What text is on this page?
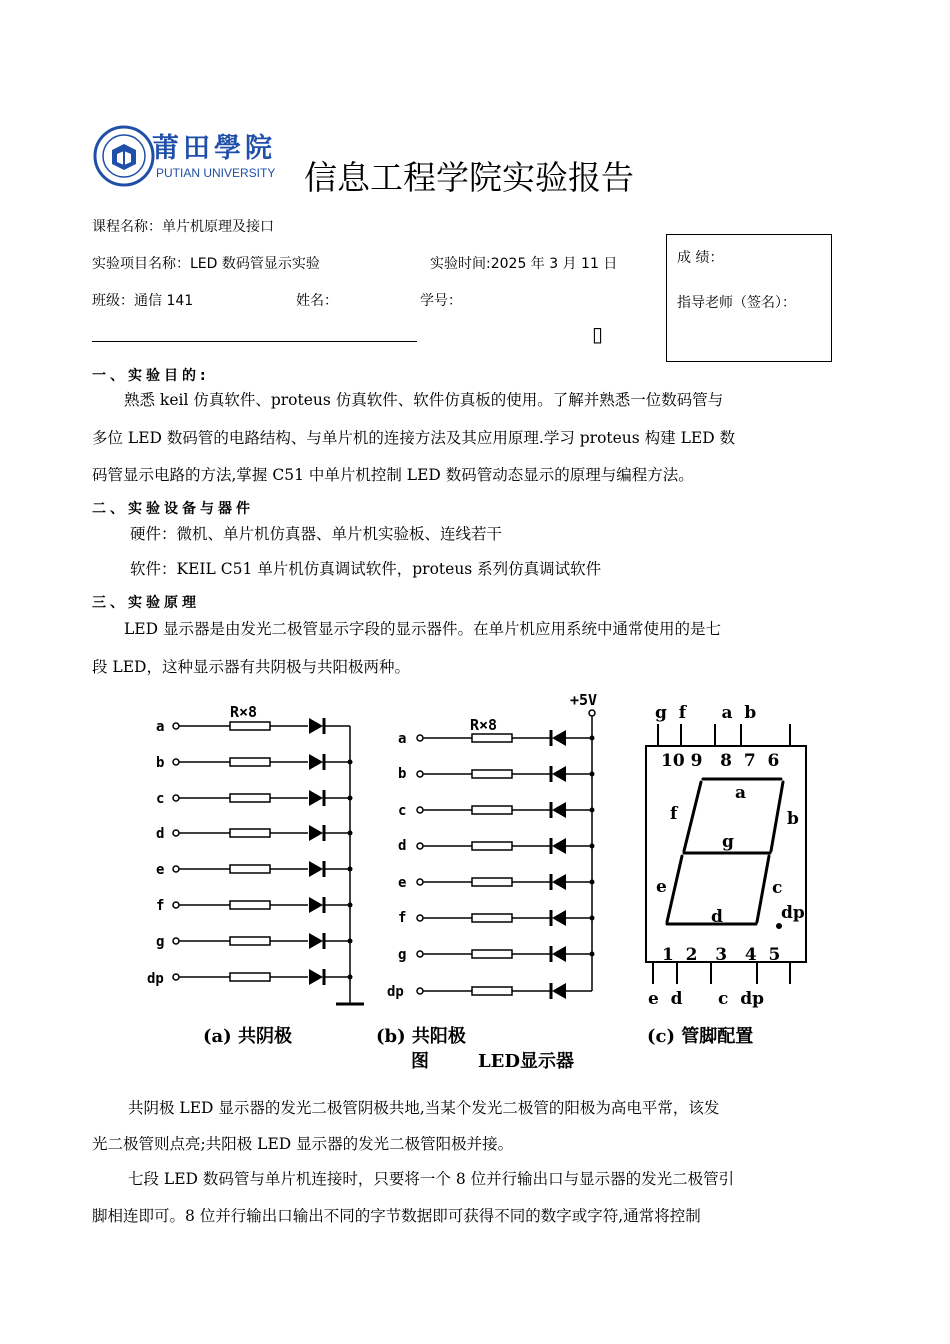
莆田學院
PUTIAN UNIVERSITY 信息工程学院实验报告
课程名称：单片机原理及接口
实验项目名称：LED 数码管显示实验	实验时间:2025 年 3 月 11 日
班级：通信 141	姓名：	学号：
▯
成 绩：
指导老师（签名）：
一、实验目的:
熟悉 keil 仿真软件、proteus 仿真软件、软件仿真板的使用。了解并熟悉一位数码管与
多位 LED 数码管的电路结构、与单片机的连接方法及其应用原理.学习 proteus 构建 LED 数
码管显示电路的方法,掌握 C51 中单片机控制 LED 数码管动态显示的原理与编程方法。
二、实验设备与器件
硬件：微机、单片机仿真器、单片机实验板、连线若干
软件：KEIL C51 单片机仿真调试软件，proteus 系列仿真调试软件
三、实验原理
LED 显示器是由发光二极管显示字段的显示器件。在单片机应用系统中通常使用的是七
段 LED，这种显示器有共阴极与共阳极两种。
R×8
a
b
c
d
e
f
g
dp
+5V
R×8
a
b
c
d
e
f
g
dp
g  f      a  b
10 9   8  7  6
a
b
f
g
e	c
d	dp
1  2   3   4  5
e  d      c  dp
(a) 共阴极	(b) 共阳极	(c) 管脚配置
图	LED显示器
共阴极 LED 显示器的发光二极管阴极共地,当某个发光二极管的阳极为高电平常，该发
光二极管则点亮;共阳极 LED 显示器的发光二极管阳极并接。
七段 LED 数码管与单片机连接时，只要将一个 8 位并行输出口与显示器的发光二极管引
脚相连即可。8 位并行输出口输出不同的字节数据即可获得不同的数字或字符,通常将控制
